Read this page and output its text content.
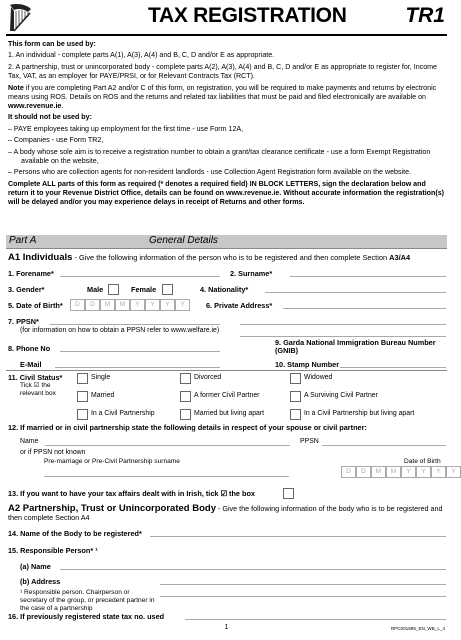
TAX REGISTRATION	TR1

This form can be used by:

1. An individual - complete parts A(1), A(3), A(4) and B, C, D and/or E as appropriate.

2. A partnership, trust or unincorporated body - complete parts A(2), A(3), A(4) and B, C, D and/or E as appropriate to register for, Income Tax, VAT, as an employer for PAYE/PRSI, or for Relevant Contracts Tax (RCT).

Note if you are completing Part A2 and/or C of this form, on registration, you will be required to make payments and returns by electronic means using ROS. Details on ROS and the returns and related tax liabilities that must be paid and filed electronically are available on www.revenue.ie.

It should not be used by:

– PAYE employees taking up employment for the first time - use Form 12A,

– Companies - use Form TR2,

– A body whose sole aim is to receive a registration number to obtain a grant/tax clearance certificate - use a form Exempt Registration available on the website,

– Persons who are collection agents for non-resident landlords - use Collection Agent Registration form available on the website.

Complete ALL parts of this form as required (* denotes a required field) IN BLOCK LETTERS, sign the declaration below and return it to your Revenue District Office, details can be found on www.revenue.ie. Without accurate information the registration(s) will be delayed and/or you may experience delays in receipt of Returns and other forms.

Part A	General Details
A1 Individuals - Give the following information of the person who is to be registered and then complete Section A3/A4
1. Forename*	2. Surname*
3. Gender*	Male	Female	4. Nationality*
5. Date of Birth*	D	D	M	M	Y	Y	Y	Y	6. Private Address*
7. PPSN*
(for information on how to obtain a PPSN refer to www.welfare.ie)
8. Phone No
9. Garda National Immigration Bureau Number (GNIB)
E-Mail	10. Stamp Number
11. Civil Status*
Tick ☑ the relevant box
Single	Divorced	Widowed
Married	A former Civil Partner	A Surviving Civil Partner
In a Civil Partnership	Married but living apart	In a Civil Partnership but living apart
12. If married or in civil partnership state the following details in respect of your spouse or civil partner:
Name	PPSN
or if PPSN not known
Pre-marriage or Pre-Civil Partnership surname	Date of Birth
D	D	M	M	Y	Y	Y	Y
13. If you want to have your tax affairs dealt with in Irish, tick ☑ the box
A2 Partnership, Trust or Unincorporated Body - Give the following information of the body who is to be registered and then complete Section A4
14. Name of the Body to be registered*
15. Responsible Person* ¹
(a) Name
(b) Address
¹ Responsible person. Chairperson or secretary of the group, or precedent partner in the case of a partnership
16. If previously registered state tax no. used
1	RPC001885_EN_WB_L_4
